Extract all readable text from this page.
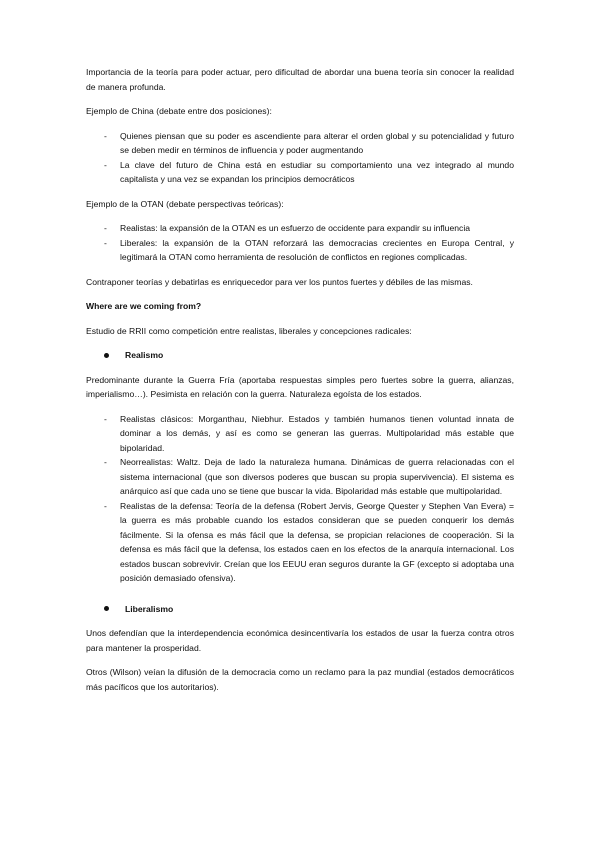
Importancia de la teoría para poder actuar, pero dificultad de abordar una buena teoría sin conocer la realidad de manera profunda.

Ejemplo de China (debate entre dos posiciones):

- Quienes piensan que su poder es ascendiente para alterar el orden global y su potencialidad y futuro se deben medir en términos de influencia y poder augmentando
- La clave del futuro de China está en estudiar su comportamiento una vez integrado al mundo capitalista y una vez se expandan los principios democráticos

Ejemplo de la OTAN (debate perspectivas teóricas):

- Realistas: la expansión de la OTAN es un esfuerzo de occidente para expandir su influencia
- Liberales: la expansión de la OTAN reforzará las democracias crecientes en Europa Central, y legitimará la OTAN como herramienta de resolución de conflictos en regiones complicadas.

Contraponer teorías y debatirlas es enriquecedor para ver los puntos fuertes y débiles de las mismas.

Where are we coming from?

Estudio de RRII como competición entre realistas, liberales y concepciones radicales:

Realismo

Predominante durante la Guerra Fría (aportaba respuestas simples pero fuertes sobre la guerra, alianzas, imperialismo…). Pesimista en relación con la guerra. Naturaleza egoísta de los estados.

- Realistas clásicos: Morganthau, Niebhur. Estados y también humanos tienen voluntad innata de dominar a los demás, y así es como se generan las guerras. Multipolaridad más estable que bipolaridad.
- Neorrealistas: Waltz. Deja de lado la naturaleza humana. Dinámicas de guerra relacionadas con el sistema internacional (que son diversos poderes que buscan su propia supervivencia). El sistema es anárquico así que cada uno se tiene que buscar la vida. Bipolaridad más estable que multipolaridad.
- Realistas de la defensa: Teoría de la defensa (Robert Jervis, George Quester y Stephen Van Evera) = la guerra es más probable cuando los estados consideran que se pueden conquerir los demás fácilmente. Si la ofensa es más fácil que la defensa, se propician relaciones de cooperación. Si la defensa es más fácil que la defensa, los estados caen en los efectos de la anarquía internacional. Los estados buscan sobrevivir. Creían que los EEUU eran seguros durante la GF (excepto si adoptaba una posición demasiado ofensiva).
Liberalismo

Unos defendían que la interdependencia económica desincentivaría los estados de usar la fuerza contra otros para mantener la prosperidad.

Otros (Wilson) veían la difusión de la democracia como un reclamo para la paz mundial (estados democráticos más pacíficos que los autoritarios).
